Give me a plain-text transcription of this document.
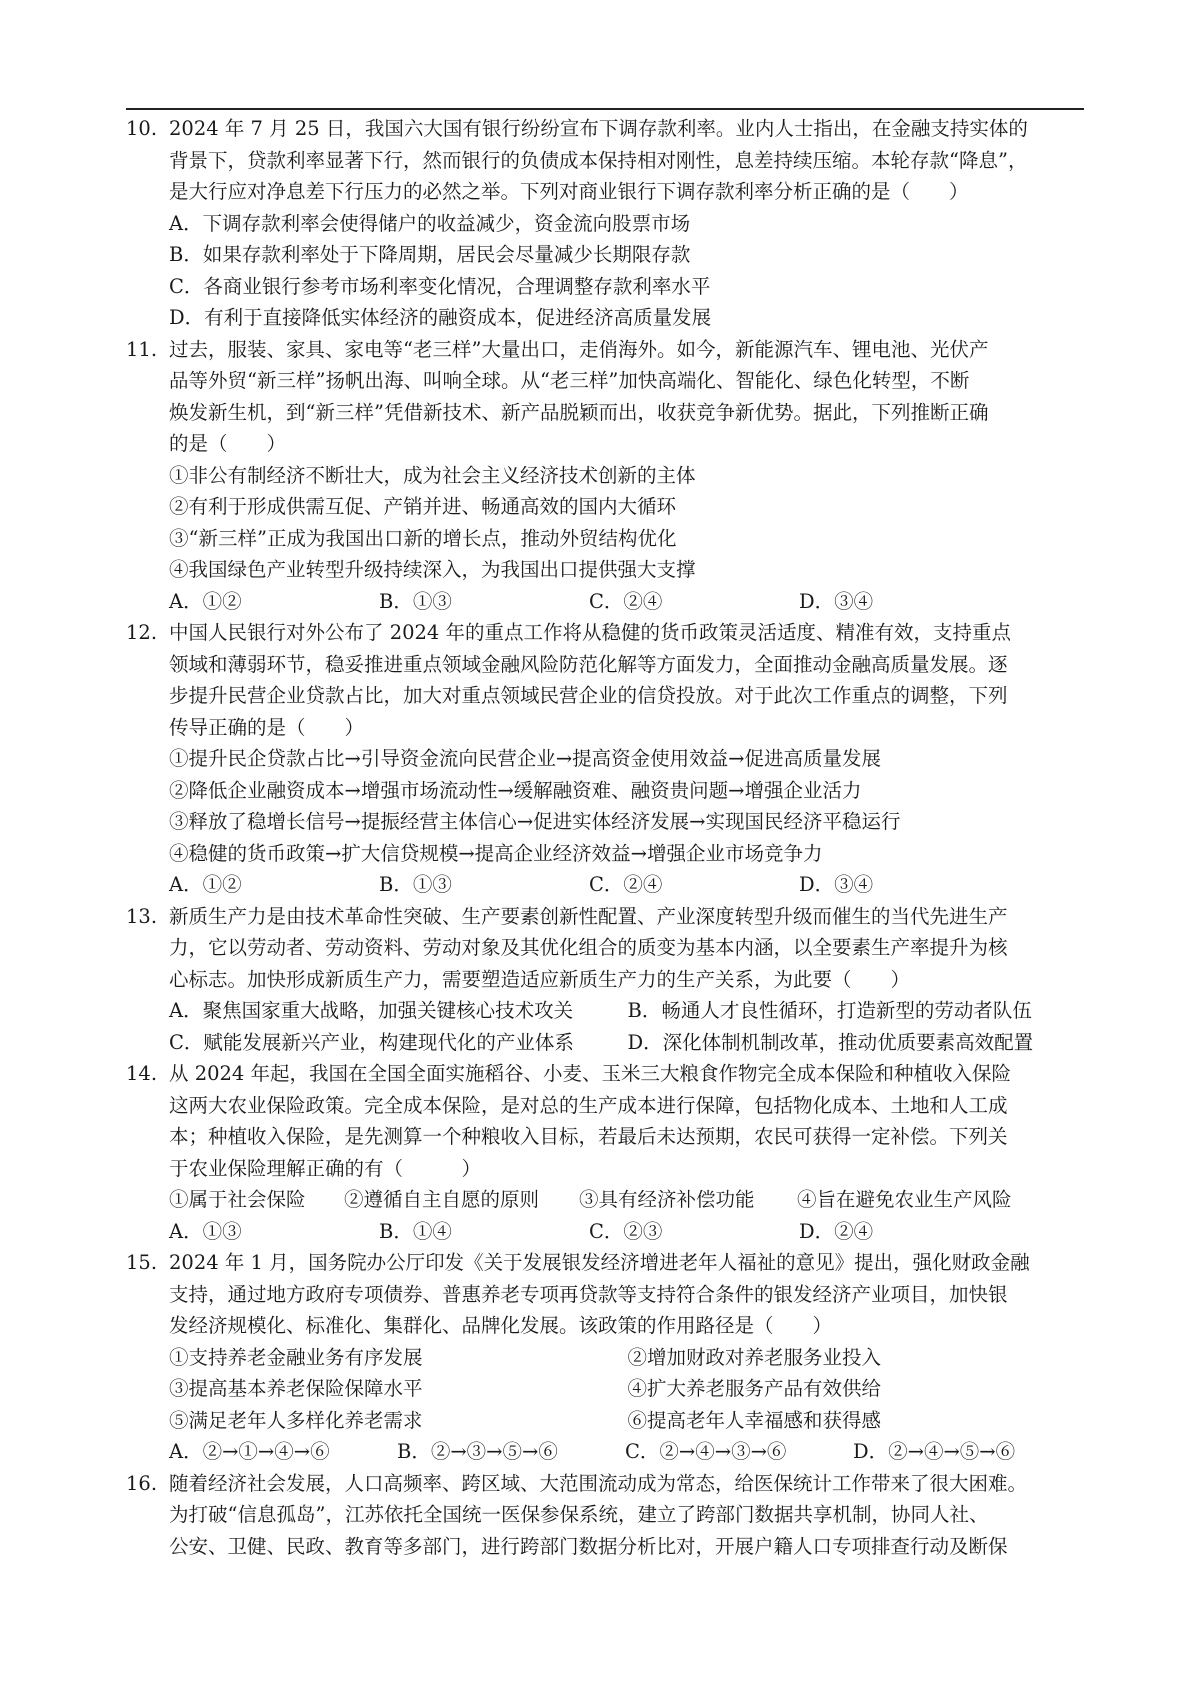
10. 2024 年 7 月 25 日，我国六大国有银行纷纷宣布下调存款利率。业内人士指出，在金融支持实体的
背景下，贷款利率显著下行，然而银行的负债成本保持相对刚性，息差持续压缩。本轮存款“降息”，
是大行应对净息差下行压力的必然之举。下列对商业银行下调存款利率分析正确的是（　　）
A．下调存款利率会使得储户的收益减少，资金流向股票市场
B．如果存款利率处于下降周期，居民会尽量减少长期限存款
C．各商业银行参考市场利率变化情况，合理调整存款利率水平
D．有利于直接降低实体经济的融资成本，促进经济高质量发展
11. 过去，服装、家具、家电等“老三样”大量出口，走俏海外。如今，新能源汽车、锂电池、光伏产
品等外贸“新三样”扬帆出海、叫响全球。从“老三样”加快高端化、智能化、绿色化转型，不断
焕发新生机，到“新三样”凭借新技术、新产品脱颖而出，收获竞争新优势。据此，下列推断正确
的是（　　）
①非公有制经济不断壮大，成为社会主义经济技术创新的主体
②有利于形成供需互促、产销并进、畅通高效的国内大循环
③“新三样”正成为我国出口新的增长点，推动外贸结构优化
④我国绿色产业转型升级持续深入，为我国出口提供强大支撑
A．①②	B．①③	C．②④	D．③④
12. 中国人民银行对外公布了 2024 年的重点工作将从稳健的货币政策灵活适度、精准有效，支持重点
领域和薄弱环节，稳妥推进重点领域金融风险防范化解等方面发力，全面推动金融高质量发展。逐
步提升民营企业贷款占比，加大对重点领域民营企业的信贷投放。对于此次工作重点的调整，下列
传导正确的是（　　）
①提升民企贷款占比→引导资金流向民营企业→提高资金使用效益→促进高质量发展
②降低企业融资成本→增强市场流动性→缓解融资难、融资贵问题→增强企业活力
③释放了稳增长信号→提振经营主体信心→促进实体经济发展→实现国民经济平稳运行
④稳健的货币政策→扩大信贷规模→提高企业经济效益→增强企业市场竞争力
A．①②	B．①③	C．②④	D．③④
13. 新质生产力是由技术革命性突破、生产要素创新性配置、产业深度转型升级而催生的当代先进生产
力，它以劳动者、劳动资料、劳动对象及其优化组合的质变为基本内涵，以全要素生产率提升为核
心标志。加快形成新质生产力，需要塑造适应新质生产力的生产关系，为此要（　　）
A．聚焦国家重大战略，加强关键核心技术攻关	B．畅通人才良性循环，打造新型的劳动者队伍
C．赋能发展新兴产业，构建现代化的产业体系	D．深化体制机制改革，推动优质要素高效配置
14. 从 2024 年起，我国在全国全面实施稻谷、小麦、玉米三大粮食作物完全成本保险和种植收入保险
这两大农业保险政策。完全成本保险，是对总的生产成本进行保障，包括物化成本、土地和人工成
本；种植收入保险，是先测算一个种粮收入目标，若最后未达预期，农民可获得一定补偿。下列关
于农业保险理解正确的有（　　　）
①属于社会保险	②遵循自主自愿的原则	③具有经济补偿功能	④旨在避免农业生产风险
A．①③	B．①④	C．②③	D．②④
15. 2024 年 1 月，国务院办公厅印发《关于发展银发经济增进老年人福祉的意见》提出，强化财政金融
支持，通过地方政府专项债券、普惠养老专项再贷款等支持符合条件的银发经济产业项目，加快银
发经济规模化、标准化、集群化、品牌化发展。该政策的作用路径是（　　）
①支持养老金融业务有序发展	②增加财政对养老服务业投入
③提高基本养老保险保障水平	④扩大养老服务产品有效供给
⑤满足老年人多样化养老需求	⑥提高老年人幸福感和获得感
A．②→①→④→⑥	B．②→③→⑤→⑥	C．②→④→③→⑥	D．②→④→⑤→⑥
16. 随着经济社会发展，人口高频率、跨区域、大范围流动成为常态，给医保统计工作带来了很大困难。
为打破“信息孤岛”，江苏依托全国统一医保参保系统，建立了跨部门数据共享机制，协同人社、
公安、卫健、民政、教育等多部门，进行跨部门数据分析比对，开展户籍人口专项排查行动及断保
